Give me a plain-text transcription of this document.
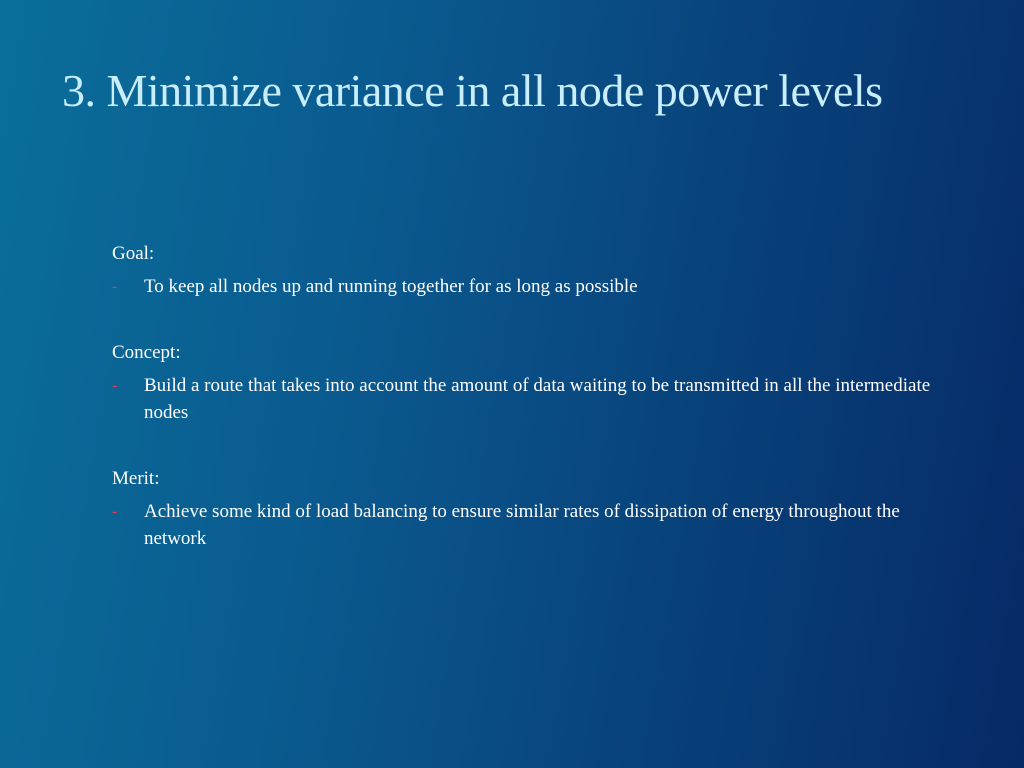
3. Minimize variance in all node power levels
Goal:
-	To keep all nodes up and running together for as long as possible
Concept:
-	Build a route that takes into account the amount of data waiting to be transmitted in all the intermediate nodes
Merit:
-	Achieve some kind of load balancing to ensure similar rates of dissipation of energy throughout the network
